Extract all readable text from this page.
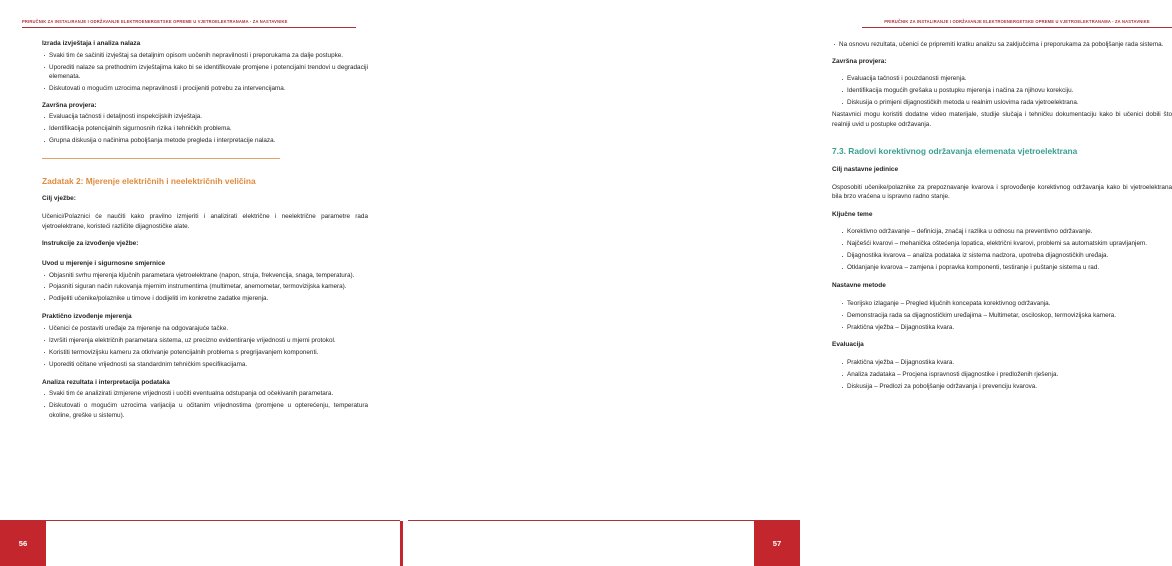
PRIRUČNIK ZA INSTALIRANJE I ODRŽAVANJE ELEKTROENERGETSKE OPREME U VJETROELEKTRANAMA - ZA NASTAVNIKE
Izrada izvještaja i analiza nalaza
· Svaki tim će sačiniti izvještaj sa detaljnim opisom uočenih nepravilnosti i preporukama za dalje postupke.
· Uporediti nalaze sa prethodnim izvještajima kako bi se identifikovale promjene i potencijalni trendovi u degradaciji elemenata.
· Diskutovati o mogućim uzrocima nepravilnosti i procijeniti potrebu za intervencijama.
Završna provjera:
· Evaluacija tačnosti i detaljnosti inspekcijskih izvještaja.
· Identifikacija potencijalnih sigurnosnih rizika i tehničkih problema.
· Grupna diskusija o načinima poboljšanja metode pregleda i interpretacije nalaza.
Zadatak 2: Mjerenje električnih i neelektričnih veličina
Cilj vježbe:

Učenici/Polaznici će naučiti kako pravilno izmjeriti i analizirati električne i neelektrične parametre rada vjetroelektrane, koristeći različite dijagnostičke alate.

Instrukcije za izvođenje vježbe:
Uvod u mjerenje i sigurnosne smjernice
· Objasniti svrhu mjerenja ključnih parametara vjetroelektrane (napon, struja, frekvencija, snaga, temperatura).
· Pojasniti siguran način rukovanja mjernim instrumentima (multimetar, anemometar, termovizijska kamera).
· Podijeliti učenike/polaznike u timove i dodijeliti im konkretne zadatke mjerenja.
Praktično izvođenje mjerenja
· Učenici će postaviti uređaje za mjerenje na odgovarajuće tačke.
· Izvršiti mjerenja električnih parametara sistema, uz precizno evidentiranje vrijednosti u mjerni protokol.
· Koristiti termovizijsku kameru za otkrivanje potencijalnih problema s pregrijavanjem komponenti.
· Uporediti očitane vrijednosti sa standardnim tehničkim specifikacijama.
Analiza rezultata i interpretacija podataka
· Svaki tim će analizirati izmjerene vrijednosti i uočiti eventualna odstupanja od očekivanih parametara.
· Diskutovati o mogućim uzrocima varijacija u očitanim vrijednostima (promjene u opterećenju, temperatura okoline, greške u sistemu).
56
PRIRUČNIK ZA INSTALIRANJE I ODRŽAVANJE ELEKTROENERGETSKE OPREME U VJETROELEKTRANAMA - ZA NASTAVNIKE
· Na osnovu rezultata, učenici će pripremiti kratku analizu sa zaključcima i preporukama za poboljšanje rada sistema.
Završna provjera:
· Evaluacija tačnosti i pouzdanosti mjerenja.
· Identifikacija mogućih grešaka u postupku mjerenja i načina za njihovu korekciju.
· Diskusija o primjeni dijagnostičkih metoda u realnim uslovima rada vjetroelektrana.

Nastavnici mogu koristiti dodatne video materijale, studije slučaja i tehničku dokumentaciju kako bi učenici dobili što realniji uvid u postupke održavanja.

7.3. Radovi korektivnog održavanja elemenata vjetroelektrana
Cilj nastavne jedinice

Osposobiti učenike/polaznike za prepoznavanje kvarova i sprovođenje korektivnog održavanja kako bi vjetroelektrana bila brzo vraćena u ispravno radno stanje.

Ključne teme
· Korektivno održavanje – definicija, značaj i razlika u odnosu na preventivno održavanje.
· Najčešći kvarovi – mehanička oštećenja lopatica, električni kvarovi, problemi sa automatskim upravljanjem.
· Dijagnostika kvarova – analiza podataka iz sistema nadzora, upotreba dijagnostičkih uređaja.
· Otklanjanje kvarova – zamjena i popravka komponenti, testiranje i puštanje sistema u rad.
Nastavne metode
· Teorijsko izlaganje – Pregled ključnih koncepata korektivnog održavanja.
· Demonstracija rada sa dijagnostičkim uređajima – Multimetar, osciloskop, termovizijska kamera.
· Praktična vježba – Dijagnostika kvara.
Evaluacija
· Praktična vježba – Dijagnostika kvara.
· Analiza zadataka – Procjena ispravnosti dijagnostike i predloženih rješenja.
· Diskusija – Predlozi za poboljšanje održavanja i prevenciju kvarova.
57
